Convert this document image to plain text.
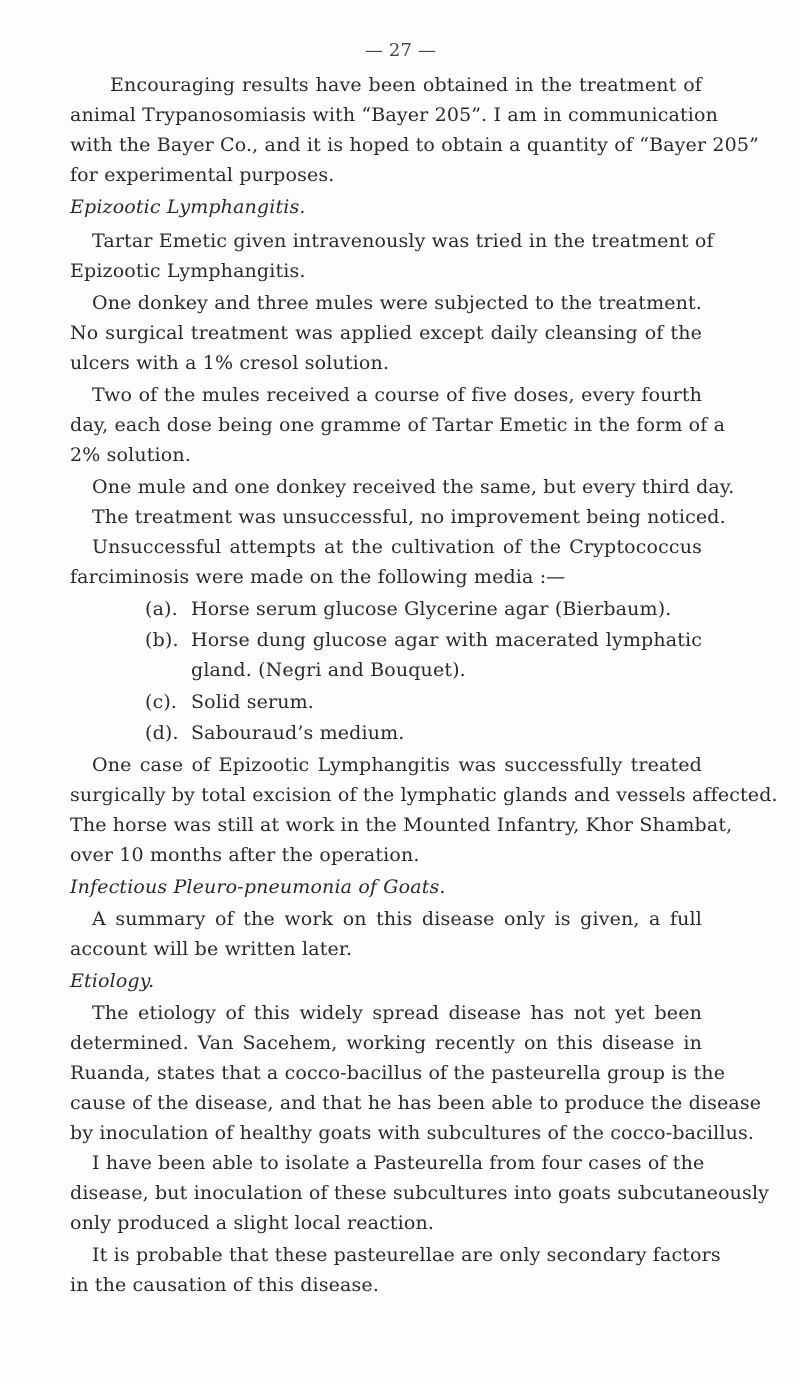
— 27 —
Encouraging results have been obtained in the treatment of
animal Trypanosomiasis with “Bayer 205”. I am in communication
with the Bayer Co., and it is hoped to obtain a quantity of “Bayer 205”
for experimental purposes.
Epizootic Lymphangitis.
Tartar Emetic given intravenously was tried in the treatment of
Epizootic Lymphangitis.
One donkey and three mules were subjected to the treatment.
No surgical treatment was applied except daily cleansing of the
ulcers with a 1% cresol solution.
Two of the mules received a course of five doses, every fourth
day, each dose being one gramme of Tartar Emetic in the form of a
2% solution.
One mule and one donkey received the same, but every third day.
The treatment was unsuccessful, no improvement being noticed.
Unsuccessful attempts at the cultivation of the Cryptococcus
farciminosis were made on the following media :—
(a). Horse serum glucose Glycerine agar (Bierbaum).
(b). Horse dung glucose agar with macerated lymphatic
gland. (Negri and Bouquet).
(c). Solid serum.
(d). Sabouraud’s medium.
One case of Epizootic Lymphangitis was successfully treated
surgically by total excision of the lymphatic glands and vessels affected.
The horse was still at work in the Mounted Infantry, Khor Shambat,
over 10 months after the operation.
Infectious Pleuro-pneumonia of Goats.
A summary of the work on this disease only is given, a full
account will be written later.
Etiology.
The etiology of this widely spread disease has not yet been
determined. Van Sacehem, working recently on this disease in
Ruanda, states that a cocco-bacillus of the pasteurella group is the
cause of the disease, and that he has been able to produce the disease
by inoculation of healthy goats with subcultures of the cocco-bacillus.
I have been able to isolate a Pasteurella from four cases of the
disease, but inoculation of these subcultures into goats subcutaneously
only produced a slight local reaction.
It is probable that these pasteurellae are only secondary factors
in the causation of this disease.
